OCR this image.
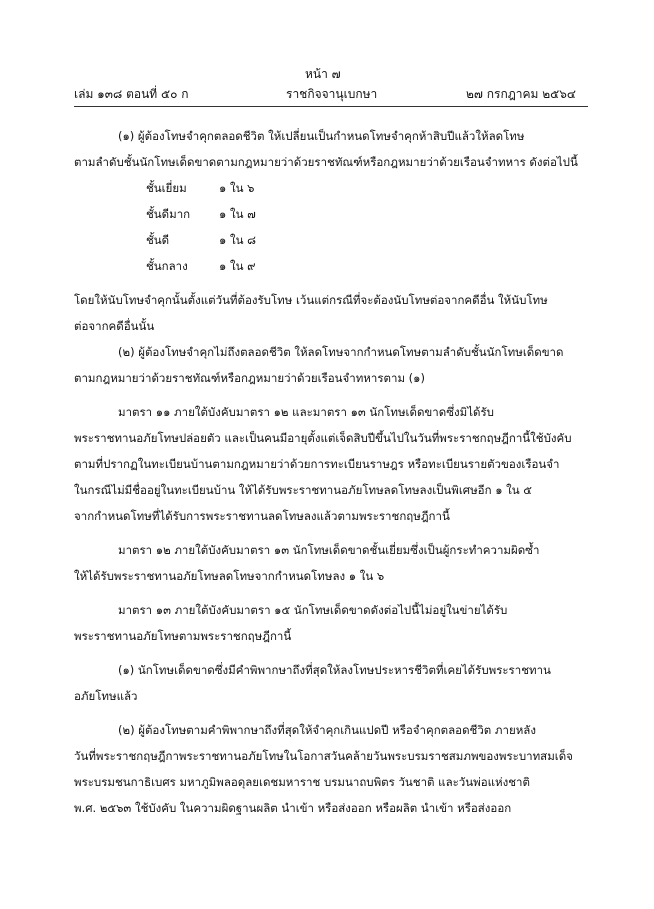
หน้า ๗
เล่ม ๑๓๘ ตอนที่ ๕๐ ก	ราชกิจจานุเบกษา	๒๗ กรกฎาคม ๒๕๖๔
(๑) ผู้ต้องโทษจำคุกตลอดชีวิต ให้เปลี่ยนเป็นกำหนดโทษจำคุกห้าสิบปีแล้วให้ลดโทษ
ตามลำดับชั้นนักโทษเด็ดขาดตามกฎหมายว่าด้วยราชทัณฑ์หรือกฎหมายว่าด้วยเรือนจำทหาร ดังต่อไปนี้
ชั้นเยี่ยม	๑ ใน ๖
ชั้นดีมาก	๑ ใน ๗
ชั้นดี	๑ ใน ๘
ชั้นกลาง	๑ ใน ๙
โดยให้นับโทษจำคุกนั้นตั้งแต่วันที่ต้องรับโทษ เว้นแต่กรณีที่จะต้องนับโทษต่อจากคดีอื่น ให้นับโทษ
ต่อจากคดีอื่นนั้น
(๒) ผู้ต้องโทษจำคุกไม่ถึงตลอดชีวิต ให้ลดโทษจากกำหนดโทษตามลำดับชั้นนักโทษเด็ดขาด
ตามกฎหมายว่าด้วยราชทัณฑ์หรือกฎหมายว่าด้วยเรือนจำทหารตาม (๑)
มาตรา ๑๑ ภายใต้บังคับมาตรา ๑๒ และมาตรา ๑๓ นักโทษเด็ดขาดซึ่งมิได้รับ
พระราชทานอภัยโทษปล่อยตัว และเป็นคนมีอายุตั้งแต่เจ็ดสิบปีขึ้นไปในวันที่พระราชกฤษฎีกานี้ใช้บังคับ
ตามที่ปรากฏในทะเบียนบ้านตามกฎหมายว่าด้วยการทะเบียนราษฎร หรือทะเบียนรายตัวของเรือนจำ
ในกรณีไม่มีชื่ออยู่ในทะเบียนบ้าน ให้ได้รับพระราชทานอภัยโทษลดโทษลงเป็นพิเศษอีก ๑ ใน ๕
จากกำหนดโทษที่ได้รับการพระราชทานลดโทษลงแล้วตามพระราชกฤษฎีกานี้
มาตรา ๑๒ ภายใต้บังคับมาตรา ๑๓ นักโทษเด็ดขาดชั้นเยี่ยมซึ่งเป็นผู้กระทำความผิดซ้ำ
ให้ได้รับพระราชทานอภัยโทษลดโทษจากกำหนดโทษลง ๑ ใน ๖
มาตรา ๑๓ ภายใต้บังคับมาตรา ๑๕ นักโทษเด็ดขาดดังต่อไปนี้ไม่อยู่ในข่ายได้รับ
พระราชทานอภัยโทษตามพระราชกฤษฎีกานี้
(๑) นักโทษเด็ดขาดซึ่งมีคำพิพากษาถึงที่สุดให้ลงโทษประหารชีวิตที่เคยได้รับพระราชทาน
อภัยโทษแล้ว
(๒) ผู้ต้องโทษตามคำพิพากษาถึงที่สุดให้จำคุกเกินแปดปี หรือจำคุกตลอดชีวิต ภายหลัง
วันที่พระราชกฤษฎีกาพระราชทานอภัยโทษในโอกาสวันคล้ายวันพระบรมราชสมภพของพระบาทสมเด็จ
พระบรมชนกาธิเบศร มหาภูมิพลอดุลยเดชมหาราช บรมนาถบพิตร วันชาติ และวันพ่อแห่งชาติ
พ.ศ. ๒๕๖๓ ใช้บังคับ ในความผิดฐานผลิต นำเข้า หรือส่งออก หรือผลิต นำเข้า หรือส่งออก
